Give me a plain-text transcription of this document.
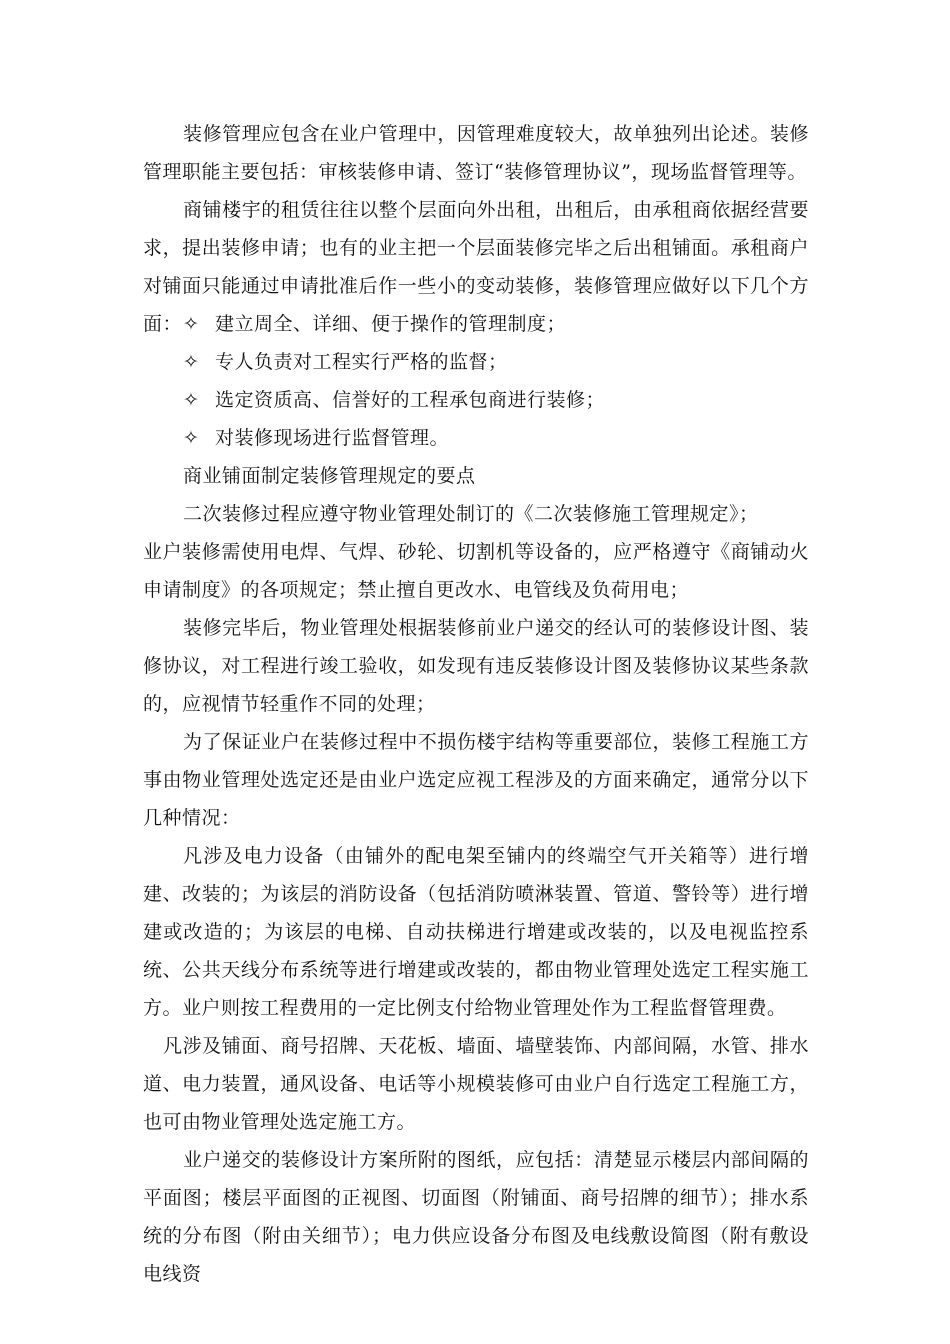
装修管理应包含在业户管理中，因管理难度较大，故单独列出论述。装修管理职能主要包括：审核装修申请、签订“装修管理协议”，现场监督管理等。
商铺楼宇的租赁往往以整个层面向外出租，出租后，由承租商依据经营要求，提出装修申请；也有的业主把一个层面装修完毕之后出租铺面。承租商户对铺面只能通过申请批准后作一些小的变动装修，装修管理应做好以下几个方面： ✧ 建立周全、详细、便于操作的管理制度；
✧ 专人负责对工程实行严格的监督；
✧ 选定资质高、信誉好的工程承包商进行装修；
✧ 对装修现场进行监督管理。
商业铺面制定装修管理规定的要点
二次装修过程应遵守物业管理处制订的《二次装修施工管理规定》；
业户装修需使用电焊、气焊、砂轮、切割机等设备的，应严格遵守《商铺动火申请制度》的各项规定；禁止擅自更改水、电管线及负荷用电；
装修完毕后，物业管理处根据装修前业户递交的经认可的装修设计图、装修协议，对工程进行竣工验收，如发现有违反装修设计图及装修协议某些条款的，应视情节轻重作不同的处理；
为了保证业户在装修过程中不损伤楼宇结构等重要部位，装修工程施工方事由物业管理处选定还是由业户选定应视工程涉及的方面来确定，通常分以下几种情况：
凡涉及电力设备（由铺外的配电架至铺内的终端空气开关箱等）进行增建、改装的；为该层的消防设备（包括消防喷淋装置、管道、警铃等）进行增建或改造的；为该层的电梯、自动扶梯进行增建或改装的，以及电视监控系统、公共天线分布系统等进行增建或改装的，都由物业管理处选定工程实施工方。业户则按工程费用的一定比例支付给物业管理处作为工程监督管理费。
凡涉及铺面、商号招牌、天花板、墙面、墙壁装饰、内部间隔，水管、排水道、电力装置，通风设备、电话等小规模装修可由业户自行选定工程施工方，也可由物业管理处选定施工方。
业户递交的装修设计方案所附的图纸，应包括：清楚显示楼层内部间隔的平面图；楼层平面图的正视图、切面图（附铺面、商号招牌的细节）；排水系统的分布图（附由关细节）；电力供应设备分布图及电线敷设简图（附有敷设电线资
